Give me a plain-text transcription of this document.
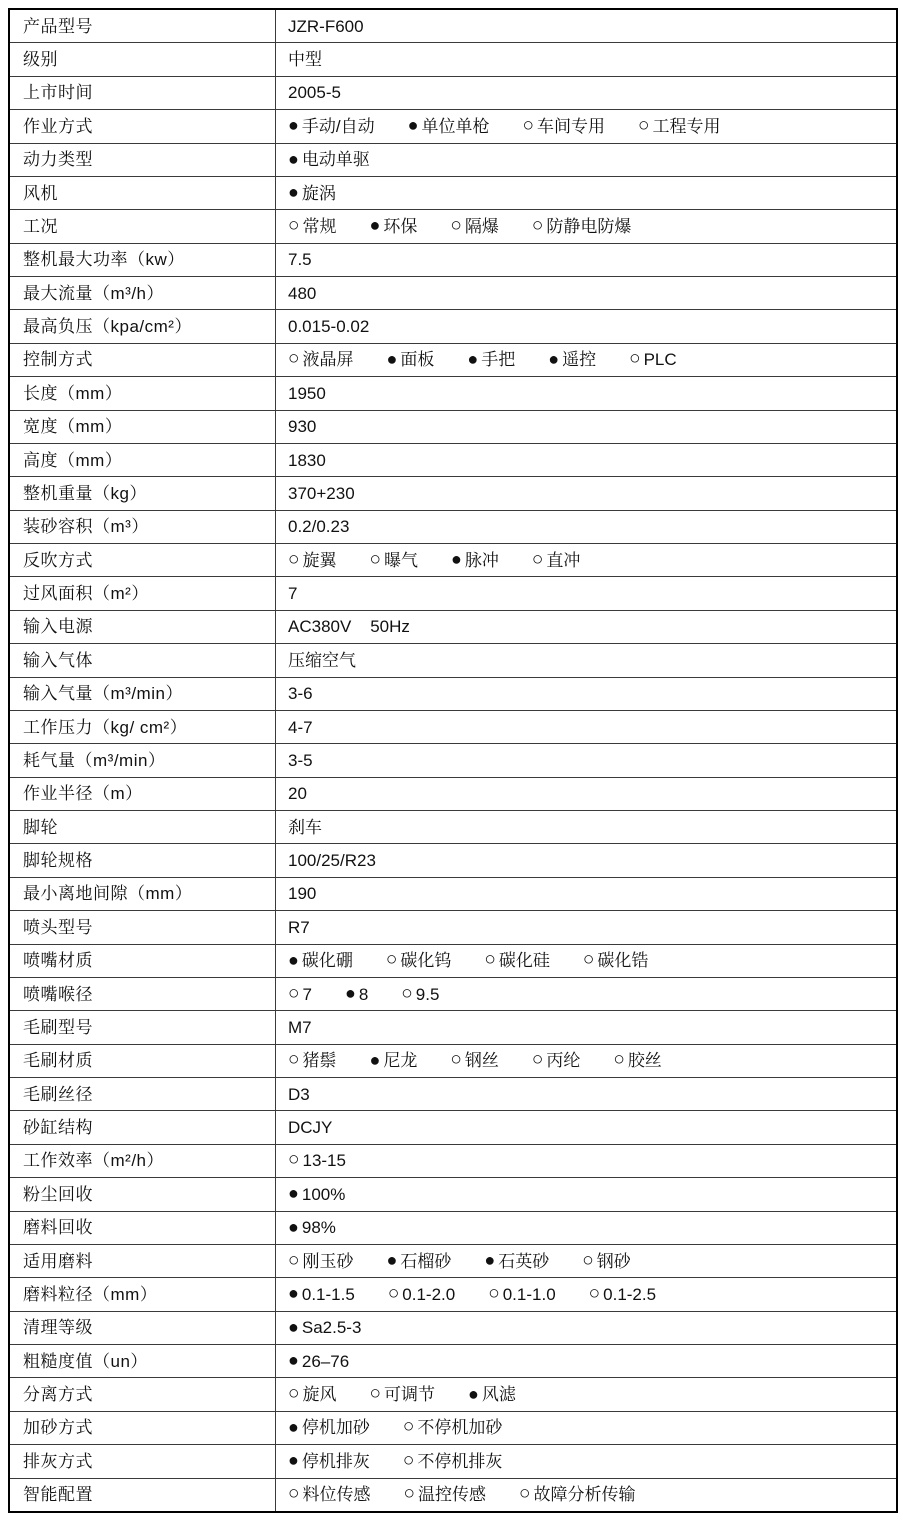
产品型号	JZR-F600
级别	中型
上市时间	2005-5
作业方式	● 手动/自动 ● 单位单枪 ○ 车间专用 ○ 工程专用
动力类型	● 电动单驱
风机	● 旋涡
工况	○ 常规 ● 环保 ○ 隔爆 ○ 防静电防爆
整机最大功率（kw）	7.5
最大流量（m³/h）	480
最高负压（kpa/cm²）	0.015-0.02
控制方式	○ 液晶屏 ● 面板 ● 手把 ● 遥控 ○ PLC
长度（mm）	1950
宽度（mm）	930
高度（mm）	1830
整机重量（kg）	370+230
装砂容积（m³）	0.2/0.23
反吹方式	○ 旋翼 ○ 曝气 ● 脉冲 ○ 直冲
过风面积（m²）	7
输入电源	AC380V    50Hz
输入气体	压缩空气
输入气量（m³/min）	3-6
工作压力（kg/ cm²）	4-7
耗气量（m³/min）	3-5
作业半径（m）	20
脚轮	刹车
脚轮规格	100/25/R23
最小离地间隙（mm）	190
喷头型号	R7
喷嘴材质	● 碳化硼 ○ 碳化钨 ○ 碳化硅 ○ 碳化锆
喷嘴喉径	○ 7 ● 8 ○ 9.5
毛刷型号	M7
毛刷材质	○ 猪鬃 ● 尼龙 ○ 钢丝 ○ 丙纶 ○ 胶丝
毛刷丝径	D3
砂缸结构	DCJY
工作效率（m²/h）	○ 13-15
粉尘回收	● 100%
磨料回收	● 98%
适用磨料	○ 刚玉砂 ● 石榴砂 ● 石英砂 ○ 钢砂
磨料粒径（mm）	● 0.1-1.5 ○ 0.1-2.0 ○ 0.1-1.0 ○ 0.1-2.5
清理等级	● Sa2.5-3
粗糙度值（un）	● 26–76
分离方式	○ 旋风 ○ 可调节 ● 风滤
加砂方式	● 停机加砂 ○ 不停机加砂
排灰方式	● 停机排灰 ○ 不停机排灰
智能配置	○ 料位传感 ○ 温控传感 ○ 故障分析传输
